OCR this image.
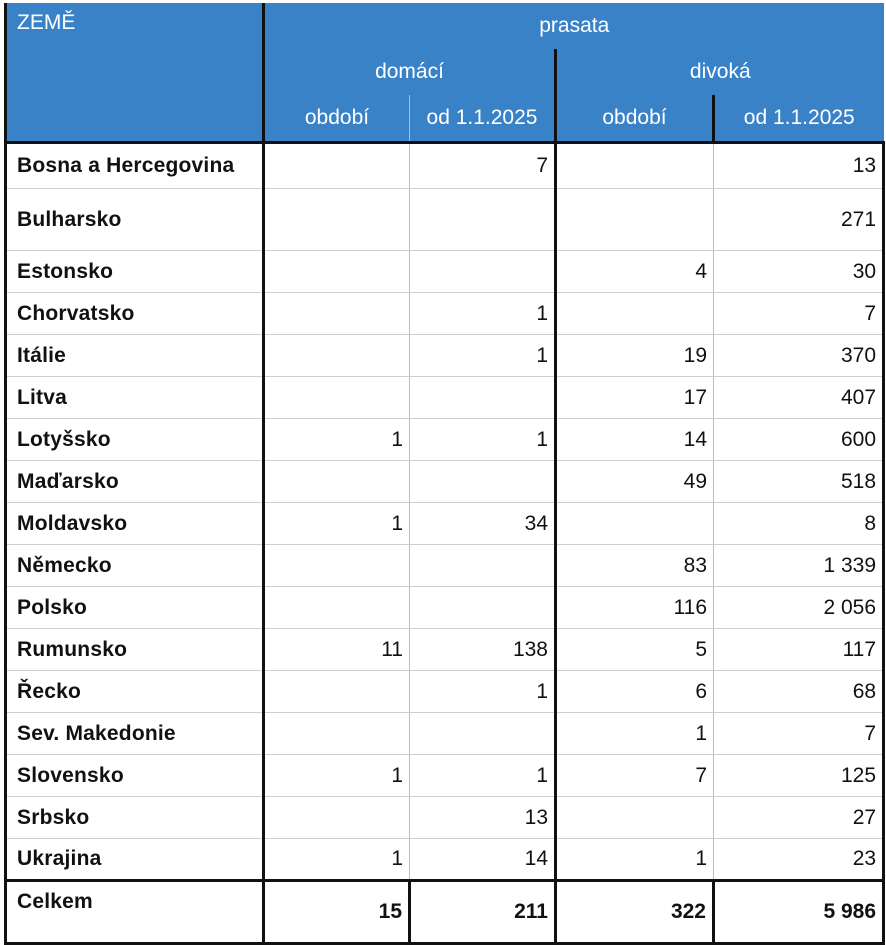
ZEMĚ	prasata			
	domácí		divoká	
	období	od 1.1.2025	období	od 1.1.2025
Bosna a Hercegovina		7		13
Bulharsko				271
Estonsko			4	30
Chorvatsko		1		7
Itálie		1	19	370
Litva			17	407
Lotyšsko	1	1	14	600
Maďarsko			49	518
Moldavsko	1	34		8
Německo			83	1 339
Polsko			116	2 056
Rumunsko	11	138	5	117
Řecko		1	6	68
Sev. Makedonie			1	7
Slovensko	1	1	7	125
Srbsko		13		27
Ukrajina	1	14	1	23
Celkem	15	211	322	5 986
